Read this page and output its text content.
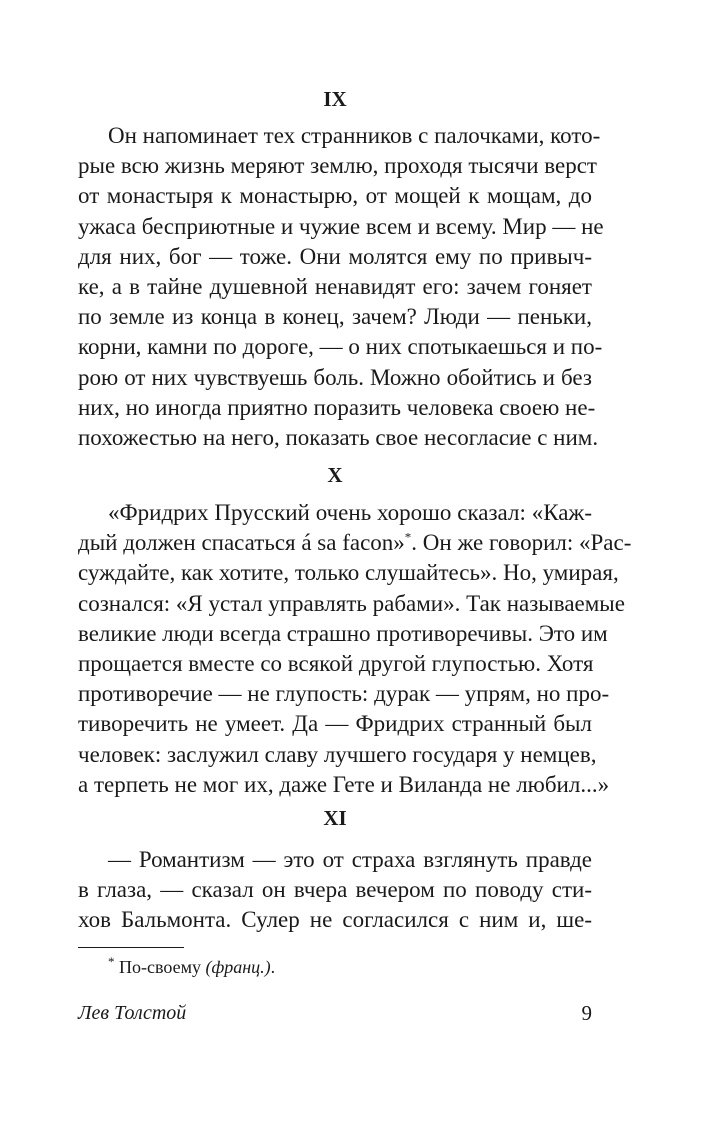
IX

Он напоминает тех странников с палочками, кото-
рые всю жизнь меряют землю, проходя тысячи верст
от монастыря к монастырю, от мощей к мощам, до
ужаса бесприютные и чужие всем и всему. Мир — не
для них, бог — тоже. Они молятся ему по привыч-
ке, а в тайне душевной ненавидят его: зачем гоняет
по земле из конца в конец, зачем? Люди — пеньки,
корни, камни по дороге, — о них спотыкаешься и по-
рою от них чувствуешь боль. Можно обойтись и без
них, но иногда приятно поразить человека своею не-
похожестью на него, показать свое несогласие с ним.

X

«Фридрих Прусский очень хорошо сказал: «Каж-
дый должен спасаться á sa facon»*. Он же говорил: «Рас-
суждайте, как хотите, только слушайтесь». Но, умирая,
сознался: «Я устал управлять рабами». Так называемые
великие люди всегда страшно противоречивы. Это им
прощается вместе со всякой другой глупостью. Хотя
противоречие — не глупость: дурак — упрям, но про-
тиворечить не умеет. Да — Фридрих странный был
человек: заслужил славу лучшего государя у немцев,
а терпеть не мог их, даже Гете и Виланда не любил...»

XI

— Романтизм — это от страха взглянуть правде
в глаза, — сказал он вчера вечером по поводу сти-
хов Бальмонта. Сулер не согласился с ним и, ше-

* По-своему (франц.).

Лев Толстой	9
